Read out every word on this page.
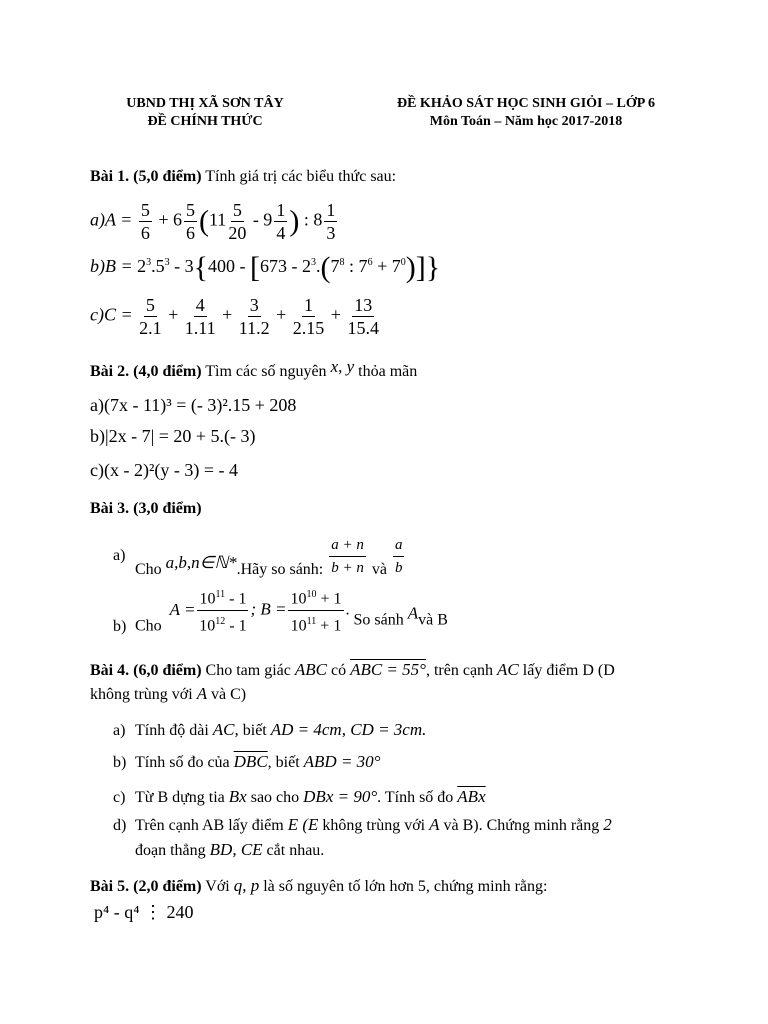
UBND THỊ XÃ SƠN TÂY
ĐỀ CHÍNH THỨC
ĐỀ KHẢO SÁT HỌC SINH GIỎI – LỚP 6
Môn Toán – Năm học 2017-2018
Bài 1. (5,0 điểm) Tính giá trị các biểu thức sau:
$a)A = \frac{5}{6} + 6 \frac{5}{6} (11 \frac{5}{20} - 9 \frac{1}{4}$ ) : $8 \frac{1}{3}$
$b)B = 2^3.5^3 - 3\{400 - [673 - 2^3.(7^8$ : $7^6 + 7^0$)]}
$c)C = \frac{5}{2.1} + \frac{4}{1.11} + \frac{3}{11.2} + \frac{1}{2.15} + \frac{13}{15.4}$
Bài 2. (4,0 điểm) Tìm các số nguyên x, y thỏa mãn
a)(7x - 11)³ = (- 3)².15 + 208
b)|2x - 7| = 20 + 5.(- 3)
c)(x - 2)²(y - 3) = - 4
Bài 3. (3,0 điểm)
a)Cho a,b,n∈ℕ*.Hãy so sánh: $\frac{a + n}{b + n}$ và $\frac{a}{b}$
b) Cho $A = \frac{10^{11} - 1}{10^{12} - 1}$ ; $B = \frac{10^{10} + 1}{10^{11} + 1}$ . So sánh Avà B
Bài 4. (6,0 điểm) Cho tam giác ABC có ABC = 55°, trên cạnh AC lấy điểm D (D
không trùng với A và C)
a) Tính độ dài AC, biết AD = 4cm, CD = 3cm.
b) Tính số đo của $\overline{DBC}$, biết ABD = 30°
c) Từ B dựng tia Bx sao cho DBx = 90°. Tính số đo $\overline{ABx}$
d) Trên cạnh AB lấy điểm E (E không trùng với A và B). Chứng minh rằng 2
đoạn thẳng BD, CE cắt nhau.
Bài 5. (2,0 điểm) Với q, p là số nguyên tố lớn hơn 5, chứng minh rằng:
p⁴ - q⁴ ⋮ 240
